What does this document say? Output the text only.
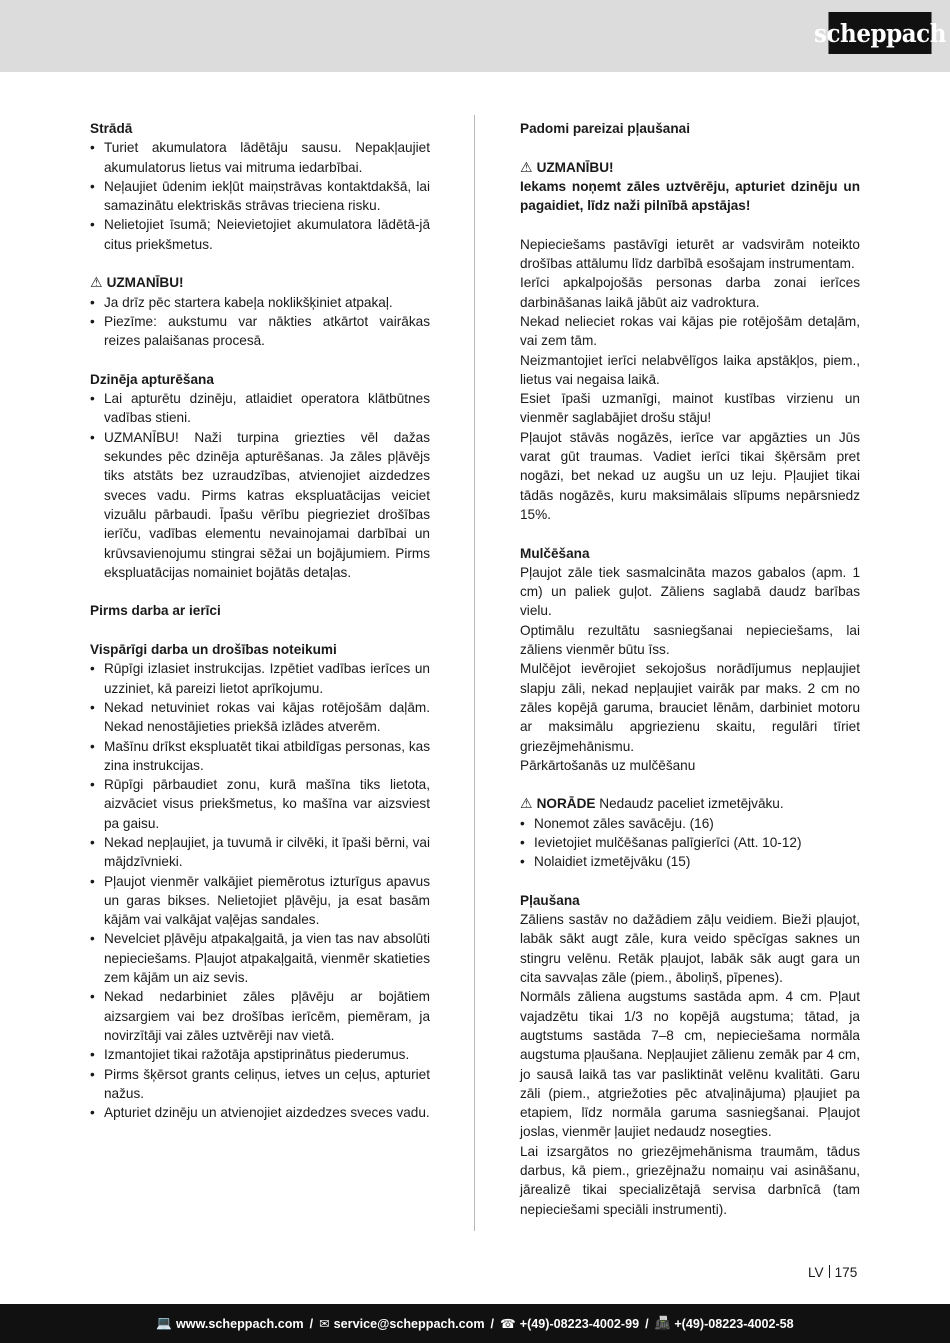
scheppach

Strādā

• Turiet akumulatora lādētāju sausu. Nepakļaujiet akumulatorus lietus vai mitruma iedarbībai.
• Neļaujiet ūdenim iekļūt maiņstrāvas kontaktdakšā, lai samazinātu elektriskās strāvas trieciena risku.
• Nelietojiet īsumā; Neievietojiet akumulatora lādētā-jā citus priekšmetus.

⚠ UZMANĪBU!

• Ja drīz pēc startera kabeļa noklikšķiniet atpakaļ.
• Piezīme: aukstumu var nākties atkārtot vairākas reizes palaišanas procesā.

Dzinēja apturēšana

• Lai apturētu dzinēju, atlaidiet operatora klātbūtnes vadības stieni.
• UZMANĪBU! Naži turpina griezties vēl dažas sekundes pēc dzinēja apturēšanas. Ja zāles pļāvējs tiks atstāts bez uzraudzības, atvienojiet aizdedzes sveces vadu. Pirms katras ekspluatācijas veiciet vizuālu pārbaudi. Īpašu vērību piegrieziet drošības ierīču, vadības elementu nevainojamai darbībai un krūvsavienojumu stingrai sēžai un bojājumiem. Pirms ekspluatācijas nomainiet bojātās detaļas.

Pirms darba ar ierīci

Vispārīgi darba un drošības noteikumi

• Rūpīgi izlasiet instrukcijas. Izpētiet vadības ierīces un uzziniet, kā pareizi lietot aprīkojumu.
• Nekad netuviniet rokas vai kājas rotējošām daļām. Nekad nenostājieties priekšā izlādes atverēm.
• Mašīnu drīkst ekspluatēt tikai atbildīgas personas, kas zina instrukcijas.
• Rūpīgi pārbaudiet zonu, kurā mašīna tiks lietota, aizvāciet visus priekšmetus, ko mašīna var aizsviest pa gaisu.
• Nekad nepļaujiet, ja tuvumā ir cilvēki, it īpaši bērni, vai mājdzīvnieki.
• Pļaujot vienmēr valkājiet piemērotus izturīgus apavus un garas bikses. Nelietojiet pļāvēju, ja esat basām kājām vai valkājat vaļējas sandales.
• Nevelciet pļāvēju atpakaļgaitā, ja vien tas nav absolūti nepieciešams. Pļaujot atpakaļgaitā, vienmēr skatieties zem kājām un aiz sevis.
• Nekad nedarbiniet zāles pļāvēju ar bojātiem aizsargiem vai bez drošības ierīcēm, piemēram, ja novirzītāji vai zāles uztvērēji nav vietā.
• Izmantojiet tikai ražotāja apstiprinātus piederumus.
• Pirms šķērsot grants celiņus, ietves un ceļus, apturiet nažus.
• Apturiet dzinēju un atvienojiet aizdedzes sveces vadu.

Padomi pareizai pļaušanai

⚠ UZMANĪBU!

Iekams noņemt zāles uztvērēju, apturiet dzinēju un pagaidiet, līdz naži pilnībā apstājas!

Nepieciešams pastāvīgi ieturēt ar vadsvirām noteikto drošības attālumu līdz darbībā esošajam instrumentam.

Ierīci apkalpojošās personas darba zonai ierīces darbināšanas laikā jābūt aiz vadroktura.

Nekad nelieciet rokas vai kājas pie rotējošām detaļām, vai zem tām.

Neizmantojiet ierīci nelabvēlīgos laika apstākļos, piem., lietus vai negaisa laikā.

Esiet īpaši uzmanīgi, mainot kustības virzienu un vienmēr saglabājiet drošu stāju!

Pļaujot stāvās nogāzēs, ierīce var apgāzties un Jūs varat gūt traumas. Vadiet ierīci tikai šķērsām pret nogāzi, bet nekad uz augšu un uz leju. Pļaujiet tikai tādās nogāzēs, kuru maksimālais slīpums nepārsniedz 15%.

Mulčēšana

Pļaujot zāle tiek sasmalcināta mazos gabalos (apm. 1 cm) un paliek guļot. Zāliens saglabā daudz barības vielu.

Optimālu rezultātu sasniegšanai nepieciešams, lai zāliens vienmēr būtu īss.

Mulčējot ievērojiet sekojošus norādījumus nepļaujiet slapju zāli, nekad nepļaujiet vairāk par maks. 2 cm no zāles kopējā garuma, brauciet lēnām, darbiniet motoru ar maksimālu apgriezienu skaitu, regulāri tīriet griezējmehānismu.

Pārkārtošanās uz mulčēšanu

⚠ NORĀDE Nedaudz paceliet izmetējvāku.

• Nonemot zāles savācēju. (16)
• Ievietojiet mulčēšanas palīgierīci (Att. 10-12)
• Nolaidiet izmetējvāku (15)

Pļaušana

Zāliens sastāv no dažādiem zāļu veidiem. Bieži pļaujot, labāk sākt augt zāle, kura veido spēcīgas saknes un stingru velēnu. Retāk pļaujot, labāk sāk augt gara un cita savvaļas zāle (piem., āboliņš, pīpenes).

Normāls zāliena augstums sastāda apm. 4 cm. Pļaut vajadzētu tikai 1/3 no kopējā augstuma; tātad, ja augtstums sastāda 7–8 cm, nepieciešama normāla augstuma pļaušana. Nepļaujiet zālienu zemāk par 4 cm, jo sausā laikā tas var pasliktināt velēnu kvalitāti. Garu zāli (piem., atgriežoties pēc atvaļinājuma) pļaujiet pa etapiem, līdz normāla garuma sasniegšanai. Pļaujot joslas, vienmēr ļaujiet nedaudz nosegties.

Lai izsargātos no griezējmehānisma traumām, tādus darbus, kā piem., griezējnažu nomaiņu vai asināšanu, jārealizē tikai specializētajā servisa darbnīcā (tam nepieciešami speciāli instrumenti).

LV 175
💻 www.scheppach.com / ✉ service@scheppach.com / ☎ +(49)-08223-4002-99 / 📠 +(49)-08223-4002-58
